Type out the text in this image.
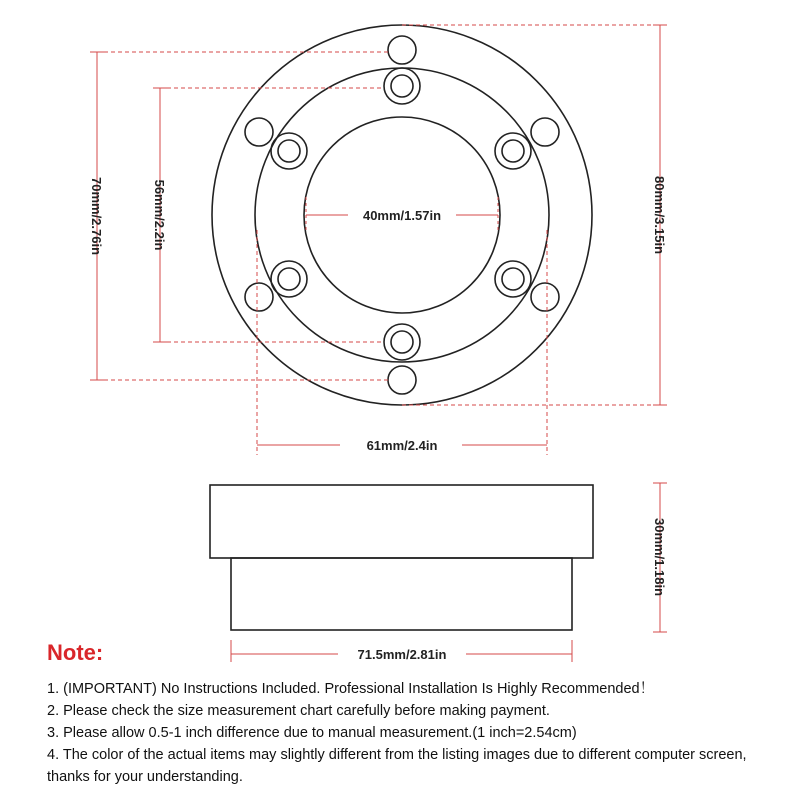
40mm/1.57in
61mm/2.4in
70mm/2.76in	56mm/2.2in	80mm/3.15in
30mm/1.18in
71.5mm/2.81in
Note:

1. (IMPORTANT) No Instructions Included. Professional Installation Is Highly Recommended！

2. Please check the size measurement chart carefully before making payment.

3. Please allow 0.5-1 inch difference due to manual measurement.(1 inch=2.54cm)

4. The color of the actual items may slightly different from the listing images due to different computer screen, thanks for your understanding.
